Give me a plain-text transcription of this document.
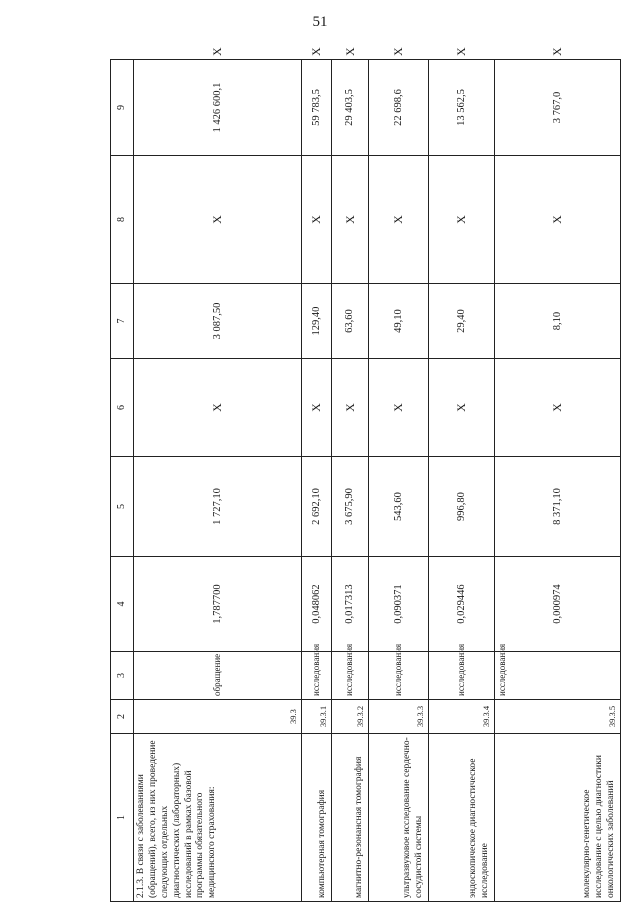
51
1	2	3	4	5	6	7	8	9	
2.1.3. В связи с заболеваниями (обращений), всего, из них проведение следующих отдельных диагностических (лабораторных) исследований в рамках базовой программы обязательного медицинского страхования:	39.3	обращение	1,787700	1 727,10	X	3 087,50	X	1 426 600,1	X
компьютерная томография	39.3.1	исследования	0,048062	2 692,10	X	129,40	X	59 783,5	X
магнитно-резонансная томография	39.3.2	исследования	0,017313	3 675,90	X	63,60	X	29 403,5	X
ультразвуковое исследование сердечно-сосудистой системы	39.3.3	исследования	0,090371	543,60	X	49,10	X	22 698,6	X
эндоскопическое диагностическое исследование	39.3.4	исследования	0,029446	996,80	X	29,40	X	13 562,5	X
молекулярно-генетическое исследование с целью диагностики онкологических заболеваний	39.3.5	исследования	0,000974	8 371,10	X	8,10	X	3 767,0	X
